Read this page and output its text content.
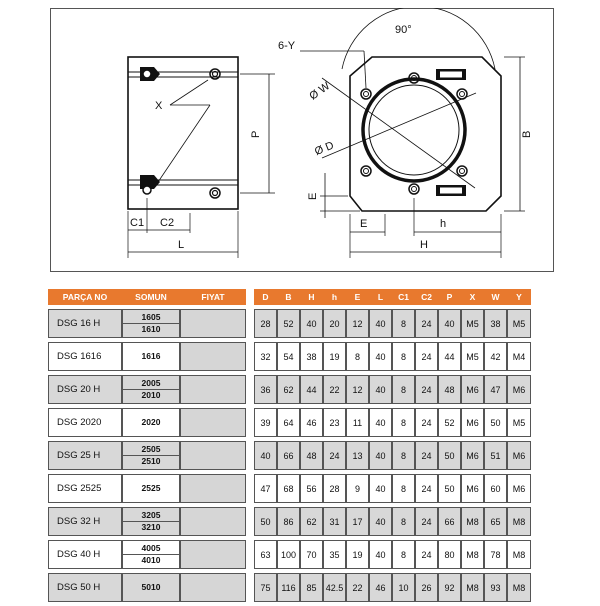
X
P
C1 C2
L
6-Y
90°
Ø W
Ø D
B
E
E	h
H
PARÇA NO	SOMUN	FIYAT
DSG 16 H	1605
1610	

DSG 1616	1616	

DSG 20 H	2005
2010	

DSG 2020	2020	

DSG 25 H	2505
2510	

DSG 2525	2525	

DSG 32 H	3205
3210	

DSG 40 H	4005
4010	

DSG 50 H	5010	

D	B	H	h	E	L	C1	C2	P	X	W	Y
28	52	40	20	12	40	8	24	40	M5	38	M5
32	54	38	19	8	40	8	24	44	M5	42	M4
36	62	44	22	12	40	8	24	48	M6	47	M6
39	64	46	23	11	40	8	24	52	M6	50	M5
40	66	48	24	13	40	8	24	50	M6	51	M6
47	68	56	28	9	40	8	24	50	M6	60	M6
50	86	62	31	17	40	8	24	66	M8	65	M8
63	100	70	35	19	40	8	24	80	M8	78	M8
75	116	85	42.5	22	46	10	26	92	M8	93	M8
